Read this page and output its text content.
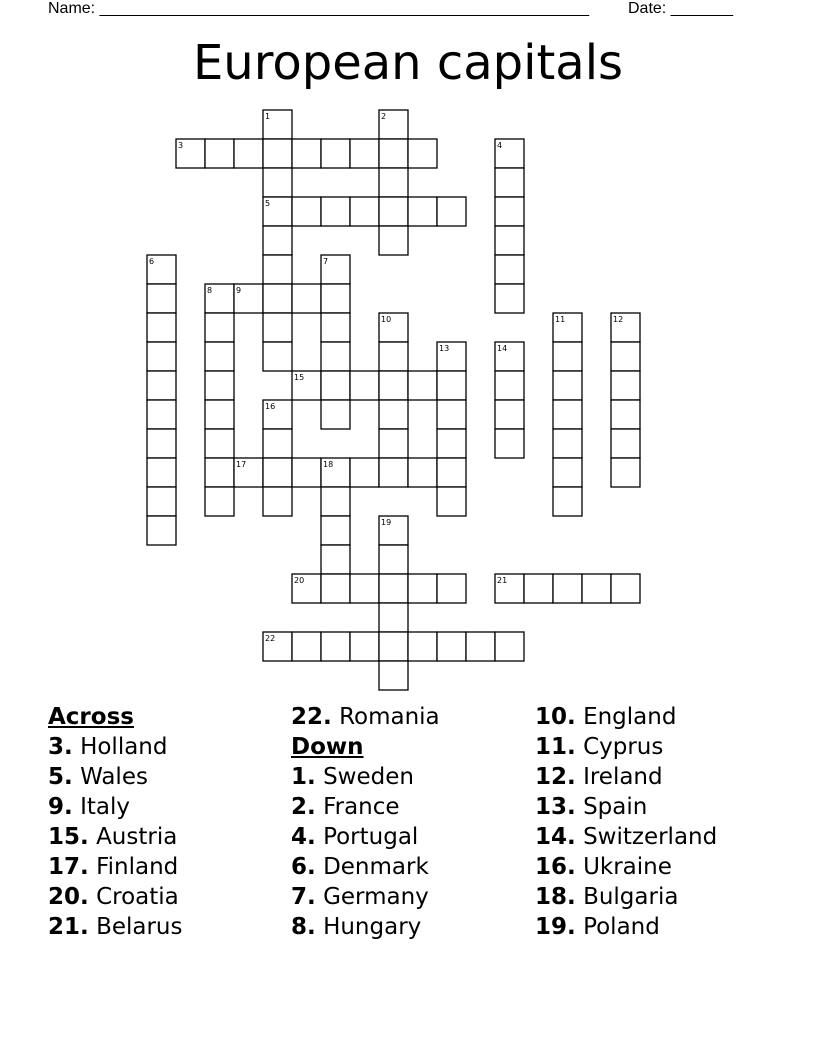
Name: _______________________________________________________ Date: _______
European capitals
1	2
3	4
5
6	7
8	9
10	11	12
13	14
15
16
17	18
19
20	21
22
Across
3. Holland
5. Wales
9. Italy
15. Austria
17. Finland
20. Croatia
21. Belarus
22. Romania
Down
1. Sweden
2. France
4. Portugal
6. Denmark
7. Germany
8. Hungary
10. England
11. Cyprus
12. Ireland
13. Spain
14. Switzerland
16. Ukraine
18. Bulgaria
19. Poland
